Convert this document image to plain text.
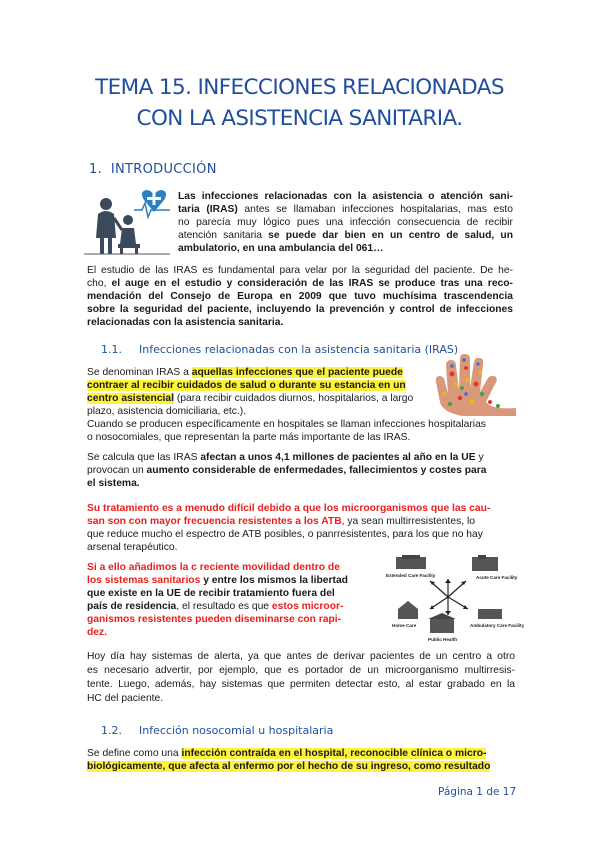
TEMA 15. INFECCIONES RELACIONADAS
CON LA ASISTENCIA SANITARIA.
1. INTRODUCCIÓN
Las infecciones relacionadas con la asistencia o atención sani-
taria (IRAS) antes se llamaban infecciones hospitalarias, mas esto
no parecía muy lógico pues una infección consecuencia de recibir
atención sanitaria se puede dar bien en un centro de salud, un
ambulatorio, en una ambulancia del 061…
El estudio de las IRAS es fundamental para velar por la seguridad del paciente. De he-
cho, el auge en el estudio y consideración de las IRAS se produce tras una reco-
mendación del Consejo de Europa en 2009 que tuvo muchísima trascendencia
sobre la seguridad del paciente, incluyendo la prevención y control de infecciones
relacionadas con la asistencia sanitaria.
1.1. Infecciones relacionadas con la asistencia sanitaria (IRAS)
Se denominan IRAS a aquellas infecciones que el paciente puede
contraer al recibir cuidados de salud o durante su estancia en un
centro asistencial (para recibir cuidados diurnos, hospitalarios, a largo
plazo, asistencia domiciliaria, etc.).
Cuando se producen específicamente en hospitales se llaman infecciones hospitalarias
o nosocomiales, que representan la parte más importante de las IRAS.
Se calcula que las IRAS afectan a unos 4,1 millones de pacientes al año en la UE y
provocan un aumento considerable de enfermedades, fallecimientos y costes para
el sistema.
Su tratamiento es a menudo difícil debido a que los microorganismos que las cau-
san son con mayor frecuencia resistentes a los ATB, ya sean multirresistentes, lo
que reduce mucho el espectro de ATB posibles, o panrresistentes, para los que no hay
arsenal terapéutico.
Si a ello añadimos la c reciente movilidad dentro de
los sistemas sanitarios y entre los mismos la libertad
que existe en la UE de recibir tratamiento fuera del
país de residencia, el resultado es que estos microor-
ganismos resistentes pueden diseminarse con rapi-
dez.
Extended Care Facility	Acute Care Facility
Home Care	Ambulatory Care Facility
Public Health
Hoy día hay sistemas de alerta, ya que antes de derivar pacientes de un centro a otro
es necesario advertir, por ejemplo, que es portador de un microorganismo multirresis-
tente. Luego, además, hay sistemas que permiten detectar esto, al estar grabado en la
HC del paciente.
1.2. Infección nosocomial u hospitalaria
Se define como una infección contraída en el hospital, reconocible clínica o micro-
biológicamente, que afecta al enfermo por el hecho de su ingreso, como resultado
Página 1 de 17
